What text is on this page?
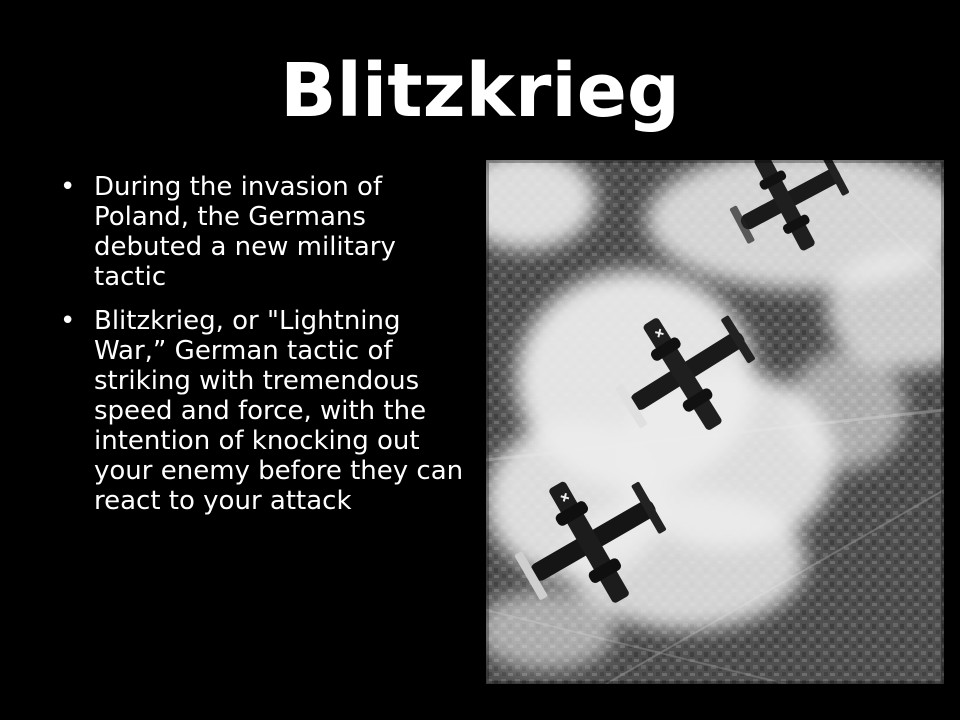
Blitzkrieg
• During the invasion of Poland, the Germans debuted a new military tactic
• Blitzkrieg, or "Lightning War,” German tactic of striking with tremendous speed and force, with the intention of knocking out your enemy before they can react to your attack
